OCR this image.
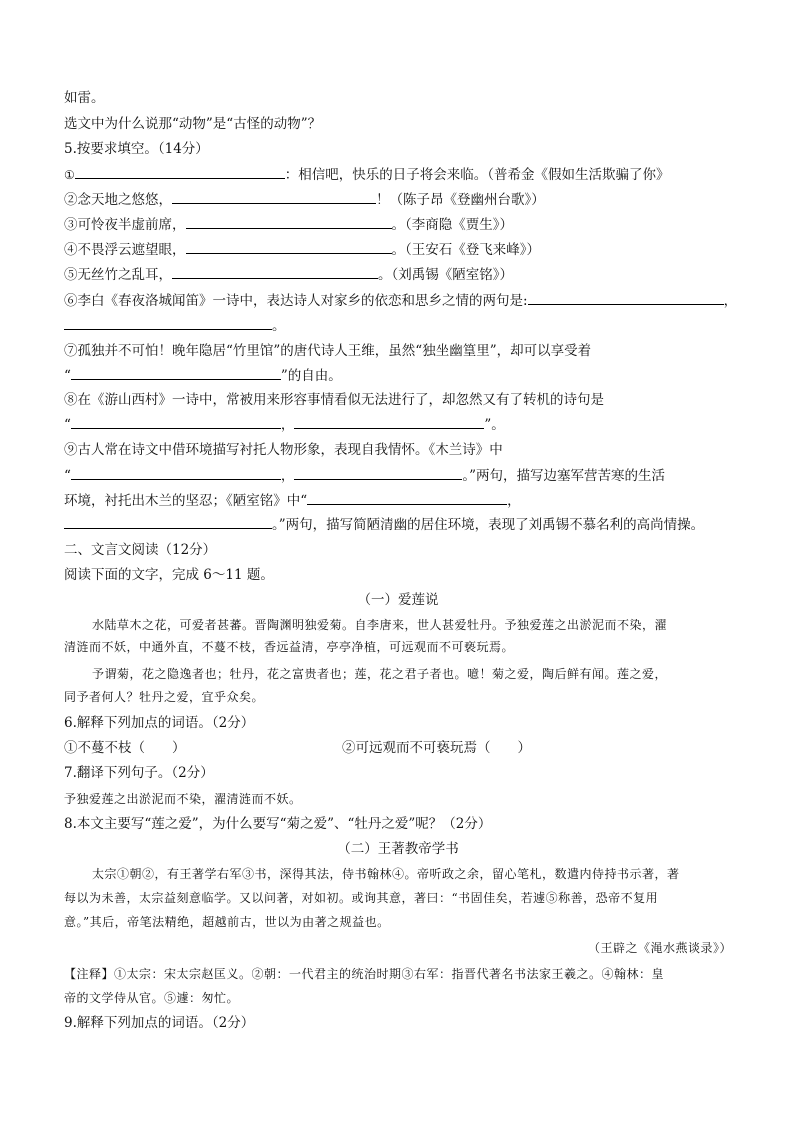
如雷。
选文中为什么说那“动物”是“古怪的动物”？
5.按要求填空。（14分）
①	：相信吧，快乐的日子将会来临。（普希金《假如生活欺骗了你》
②念天地之悠悠，	！（陈子昂《登幽州台歌》）
③可怜夜半虚前席，	。（李商隐《贾生》）
④不畏浮云遮望眼，	。（王安石《登飞来峰》）
⑤无丝竹之乱耳，	。（刘禹锡《陋室铭》）
⑥李白《春夜洛城闻笛》一诗中，表达诗人对家乡的依恋和思乡之情的两句是:	，
。
⑦孤独并不可怕！晚年隐居“竹里馆”的唐代诗人王维，虽然“独坐幽篁里”，却可以享受着
“	”的自由。
⑧在《游山西村》一诗中，常被用来形容事情看似无法进行了，却忽然又有了转机的诗句是
“	，	”。
⑨古人常在诗文中借环境描写衬托人物形象，表现自我情怀。《木兰诗》中
“	，	。”两句，描写边塞军营苦寒的生活
环境，衬托出木兰的坚忍；《陋室铭》中“	，
。”两句，描写简陋清幽的居住环境，表现了刘禹锡不慕名利的高尚情操。
二、文言文阅读（12分）
阅读下面的文字，完成 6～11 题。
（一）爱莲说
水陆草木之花，可爱者甚蕃。晋陶渊明独爱菊。自李唐来，世人甚爱牡丹。予独爱莲之出淤泥而不染，濯
清涟而不妖，中通外直，不蔓不枝，香远益清，亭亭净植，可远观而不可亵玩焉。
予谓菊，花之隐逸者也；牡丹，花之富贵者也；莲，花之君子者也。噫！菊之爱，陶后鲜有闻。莲之爱，
同予者何人？牡丹之爱，宜乎众矣。
6.解释下列加点的词语。（2分）
①不蔓不枝（　　）	②可远观而不可亵玩焉（　　）
7.翻译下列句子。（2分）
予独爱莲之出淤泥而不染，濯清涟而不妖。
8.本文主要写“莲之爱”，为什么要写“菊之爱”、“牡丹之爱”呢？（2分）
（二）王著教帝学书
太宗①朝②，有王著学右军③书，深得其法，侍书翰林④。帝听政之余，留心笔札，数遣内侍持书示著，著
每以为未善，太宗益刻意临学。又以问著，对如初。或询其意，著曰：“书固佳矣，若遽⑤称善，恐帝不复用
意。”其后，帝笔法精绝，超越前古，世以为由著之规益也。
（王辟之《渑水燕谈录》）
【注释】①太宗：宋太宗赵匡义。②朝：一代君主的统治时期③右军：指晋代著名书法家王羲之。④翰林：皇
帝的文学侍从官。⑤遽：匆忙。
9.解释下列加点的词语。（2分）
